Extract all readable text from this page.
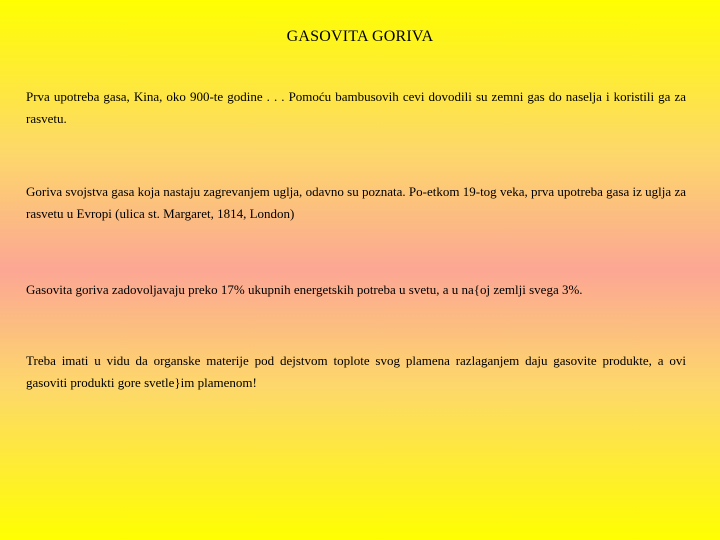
GASOVITA GORIVA

Prva upotreba gasa, Kina, oko 900-te godine . . . Pomoću bambusovih cevi dovodili su zemni gas do naselja i koristili ga za rasvetu.

Goriva svojstva gasa koja nastaju zagrevanjem uglja, odavno su poznata. Po-etkom 19-tog veka, prva upotreba gasa iz uglja za rasvetu u Evropi (ulica st. Margaret, 1814, London)

Gasovita goriva zadovoljavaju preko 17% ukupnih energetskih potreba u svetu, a u na{oj zemlji svega 3%.

Treba imati u vidu da organske materije pod dejstvom toplote svog plamena razlaganjem daju gasovite produkte, a ovi gasoviti produkti gore svetle}im plamenom!
